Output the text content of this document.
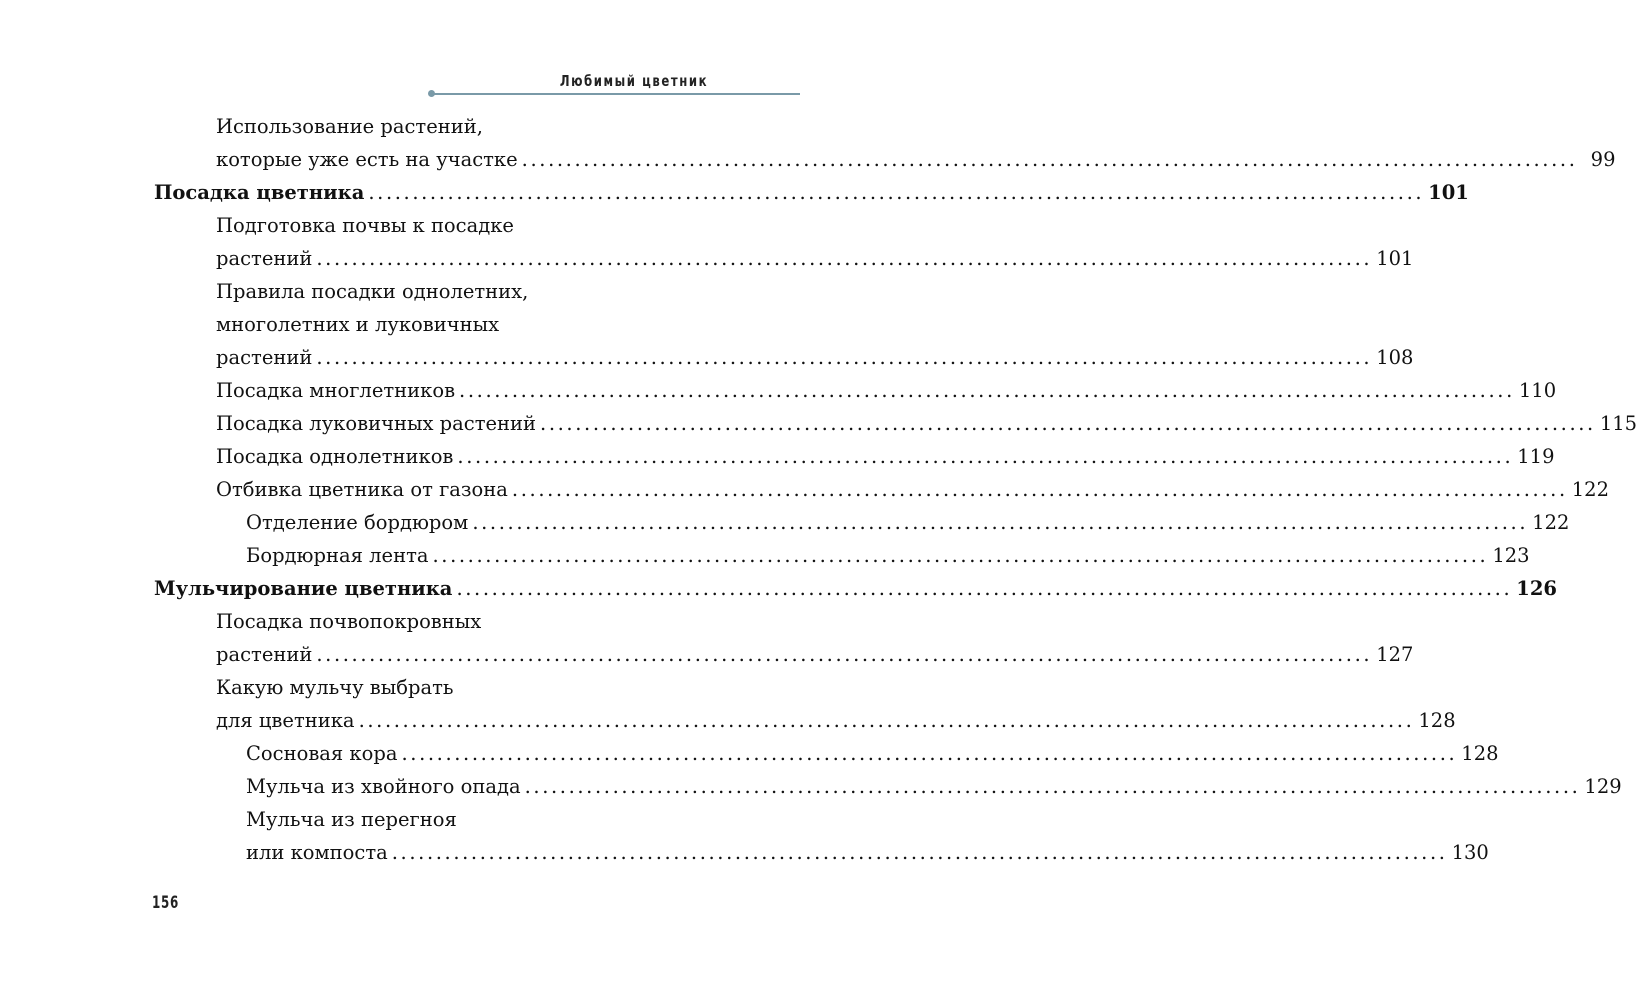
Любимый цветник
Использование растений,
которые уже есть на участке ........................................................................................................................ 99
Посадка цветника ........................................................................................................................ 101
Подготовка почвы к посадке
растений ........................................................................................................................ 101
Правила посадки однолетних,
многолетних и луковичных
растений ........................................................................................................................ 108
Посадка многлетников ........................................................................................................................ 110
Посадка луковичных растений ........................................................................................................................ 115
Посадка однолетников ........................................................................................................................ 119
Отбивка цветника от газона ........................................................................................................................ 122
Отделение бордюром ........................................................................................................................ 122
Бордюрная лента ........................................................................................................................ 123
Мульчирование цветника ........................................................................................................................ 126
Посадка почвопокровных
растений ........................................................................................................................ 127
Какую мульчу выбрать
для цветника ........................................................................................................................ 128
Сосновая кора ........................................................................................................................ 128
Мульча из хвойного опада ........................................................................................................................ 129
Мульча из перегноя
или компоста ........................................................................................................................ 130
156
